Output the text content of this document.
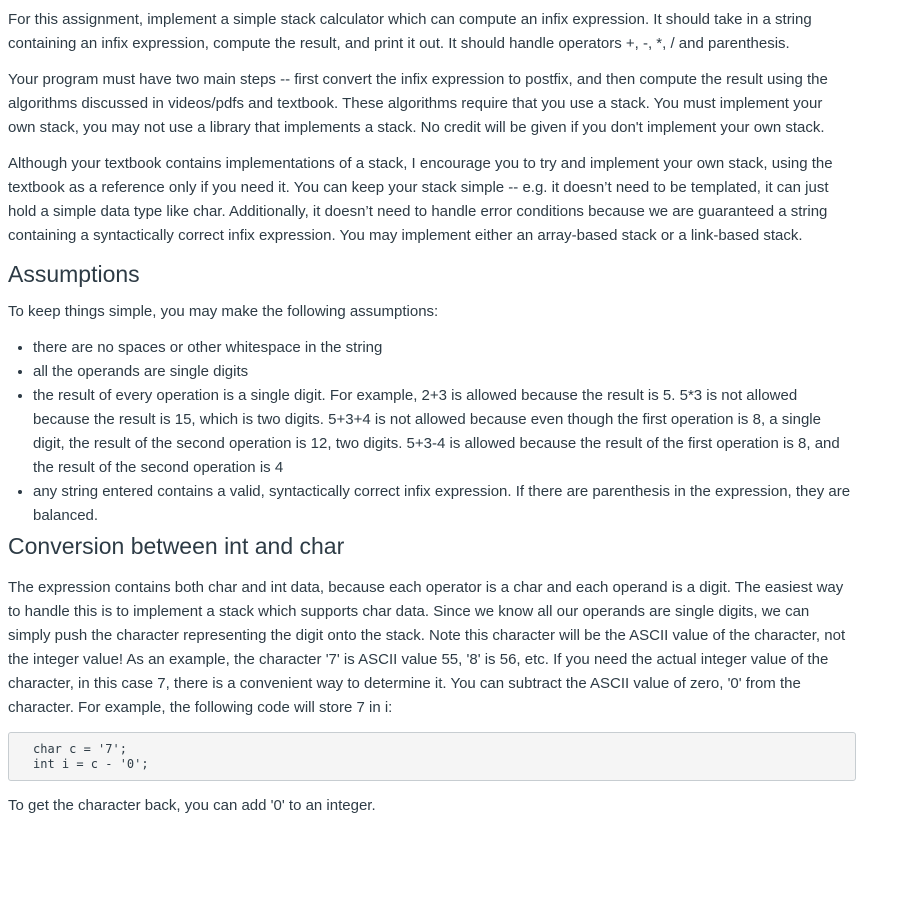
For this assignment, implement a simple stack calculator which can compute an infix expression. It should take in a string containing an infix expression, compute the result, and print it out. It should handle operators +, -, *, / and parenthesis.

Your program must have two main steps -- first convert the infix expression to postfix, and then compute the result using the algorithms discussed in videos/pdfs and textbook. These algorithms require that you use a stack. You must implement your own stack, you may not use a library that implements a stack. No credit will be given if you don't implement your own stack.

Although your textbook contains implementations of a stack, I encourage you to try and implement your own stack, using the textbook as a reference only if you need it. You can keep your stack simple -- e.g. it doesn’t need to be templated, it can just hold a simple data type like char. Additionally, it doesn’t need to handle error conditions because we are guaranteed a string containing a syntactically correct infix expression. You may implement either an array-based stack or a link-based stack.

Assumptions

To keep things simple, you may make the following assumptions:

• there are no spaces or other whitespace in the string
• all the operands are single digits
• the result of every operation is a single digit. For example, 2+3 is allowed because the result is 5. 5*3 is not allowed because the result is 15, which is two digits. 5+3+4 is not allowed because even though the first operation is 8, a single digit, the result of the second operation is 12, two digits. 5+3-4 is allowed because the result of the first operation is 8, and the result of the second operation is 4
• any string entered contains a valid, syntactically correct infix expression. If there are parenthesis in the expression, they are balanced.
Conversion between int and char

The expression contains both char and int data, because each operator is a char and each operand is a digit. The easiest way to handle this is to implement a stack which supports char data. Since we know all our operands are single digits, we can simply push the character representing the digit onto the stack. Note this character will be the ASCII value of the character, not the integer value! As an example, the character '7' is ASCII value 55, '8' is 56, etc. If you need the actual integer value of the character, in this case 7, there is a convenient way to determine it. You can subtract the ASCII value of zero, '0' from the character. For example, the following code will store 7 in i:

char c = '7';
int i = c - '0';

To get the character back, you can add '0' to an integer.
